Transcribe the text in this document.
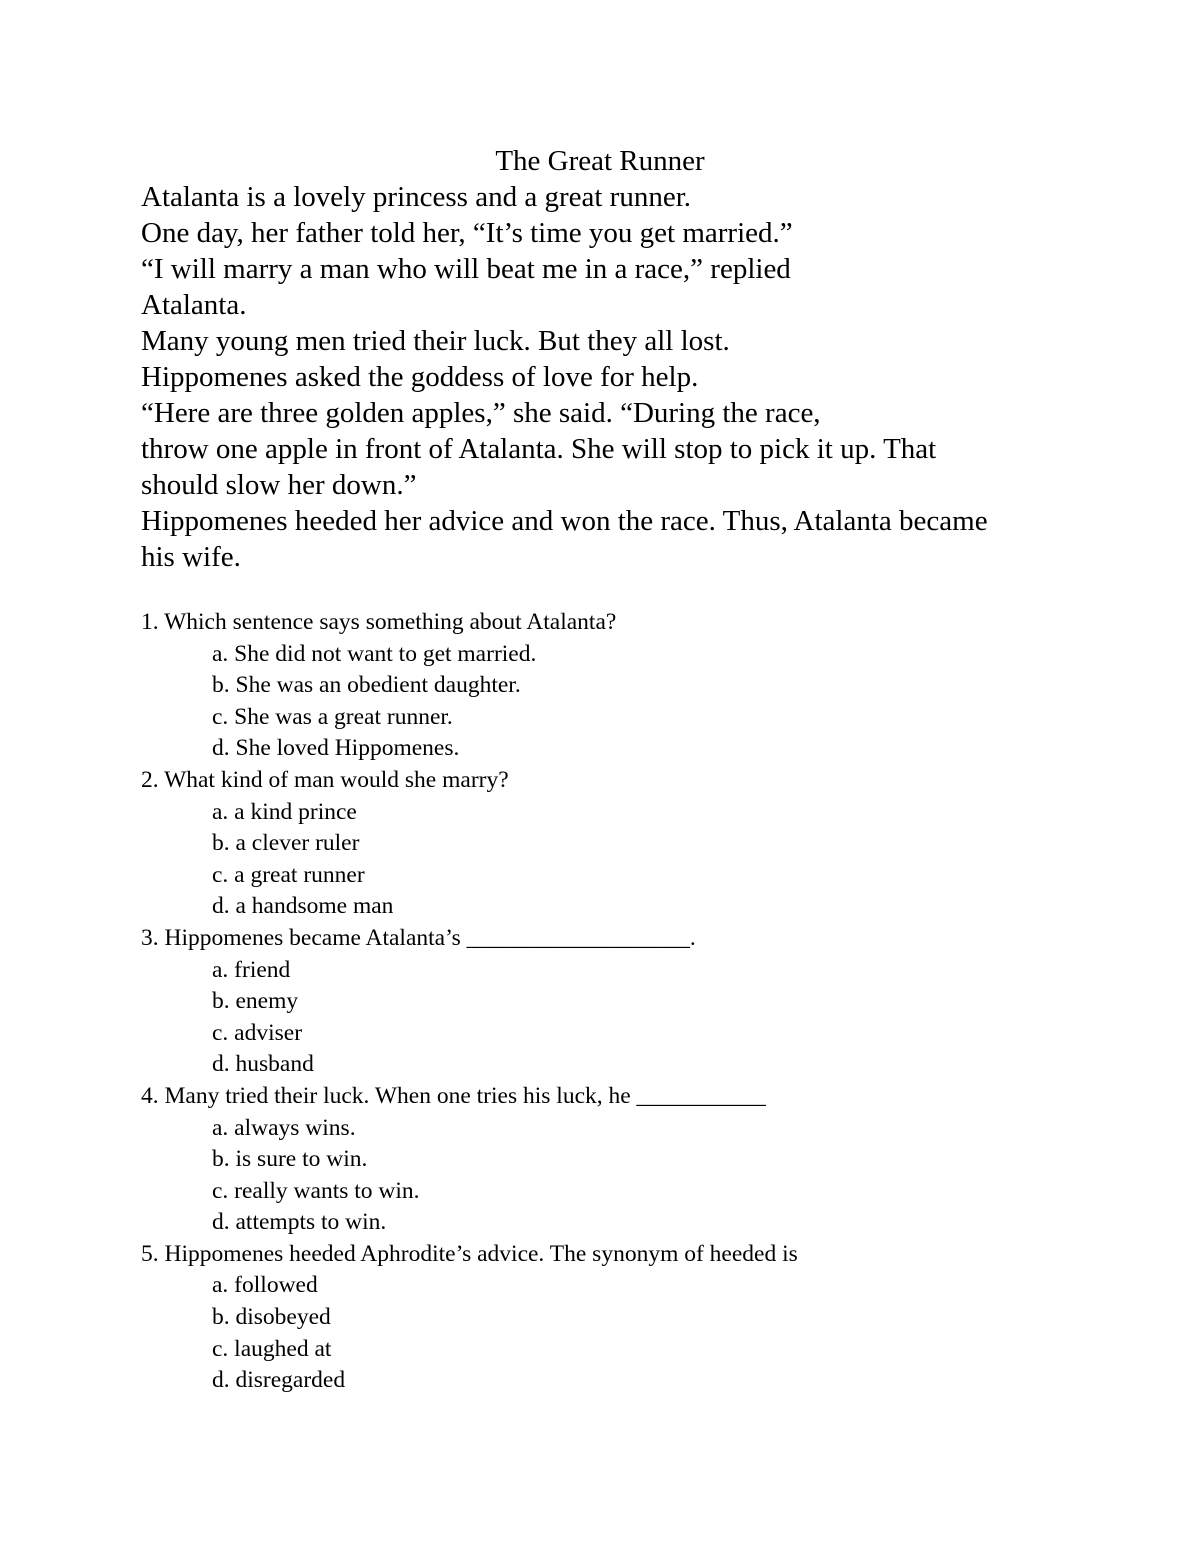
The Great Runner
Atalanta is a lovely princess and a great runner.
One day, her father told her, “It’s time you get married.”
“I will marry a man who will beat me in a race,” replied
Atalanta.
Many young men tried their luck. But they all lost.
Hippomenes asked the goddess of love for help.
“Here are three golden apples,” she said. “During the race,
throw one apple in front of Atalanta. She will stop to pick it up. That
should slow her down.”
Hippomenes heeded her advice and won the race. Thus, Atalanta became
his wife.
1. Which sentence says something about Atalanta?
a. She did not want to get married.
b. She was an obedient daughter.
c. She was a great runner.
d. She loved Hippomenes.
2. What kind of man would she marry?
a. a kind prince
b. a clever ruler
c. a great runner
d. a handsome man
3. Hippomenes became Atalanta’s ___________________.
a. friend
b. enemy
c. adviser
d. husband
4. Many tried their luck. When one tries his luck, he ___________
a. always wins.
b. is sure to win.
c. really wants to win.
d. attempts to win.
5. Hippomenes heeded Aphrodite’s advice. The synonym of heeded is
a. followed
b. disobeyed
c. laughed at
d. disregarded
